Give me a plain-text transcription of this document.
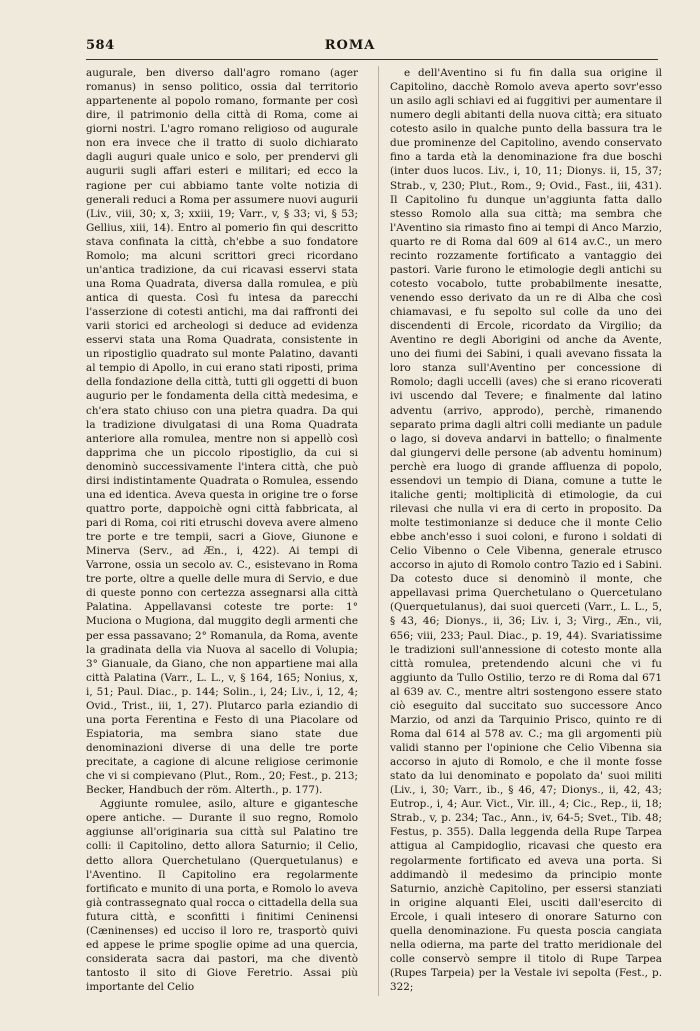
584	ROMA

augurale, ben diverso dall'agro romano (ager romanus) in senso politico, ossia dal territorio appartenente al popolo romano, formante per così dire, il patrimonio della città di Roma, come ai giorni nostri. L'agro romano religioso od augurale non era invece che il tratto di suolo dichiarato dagli auguri quale unico e solo, per prendervi gli augurii sugli affari esteri e militari; ed ecco la ragione per cui abbiamo tante volte notizia di generali reduci a Roma per assumere nuovi augurii (Liv., viii, 30; x, 3; xxiii, 19; Varr., v, § 33; vi, § 53; Gellius, xiii, 14). Entro al pomerio fin qui descritto stava confinata la città, ch'ebbe a suo fondatore Romolo; ma alcuni scrittori greci ricordano un'antica tradizione, da cui ricavasi esservi stata una Roma Quadrata, diversa dalla romulea, e più antica di questa. Così fu intesa da parecchi l'asserzione di cotesti antichi, ma dai raffronti dei varii storici ed archeologi si deduce ad evidenza esservi stata una Roma Quadrata, consistente in un ripostiglio quadrato sul monte Palatino, davanti al tempio di Apollo, in cui erano stati riposti, prima della fondazione della città, tutti gli oggetti di buon augurio per le fondamenta della città medesima, e ch'era stato chiuso con una pietra quadra. Da qui la tradizione divulgatasi di una Roma Quadrata anteriore alla romulea, mentre non si appellò così dapprima che un piccolo ripostiglio, da cui si denominò successivamente l'intera città, che può dirsi indistintamente Quadrata o Romulea, essendo una ed identica. Aveva questa in origine tre o forse quattro porte, dappoichè ogni città fabbricata, al pari di Roma, coi riti etruschi doveva avere almeno tre porte e tre tempii, sacri a Giove, Giunone e Minerva (Serv., ad Æn., i, 422). Ai tempi di Varrone, ossia un secolo av. C., esistevano in Roma tre porte, oltre a quelle delle mura di Servio, e due di queste ponno con certezza assegnarsi alla città Palatina. Appellavansi coteste tre porte: 1° Muciona o Mugiona, dal muggito degli armenti che per essa passavano; 2° Romanula, da Roma, avente la gradinata della via Nuova al sacello di Volupia; 3° Gianuale, da Giano, che non appartiene mai alla città Palatina (Varr., L. L., v, § 164, 165; Nonius, x, i, 51; Paul. Diac., p. 144; Solin., i, 24; Liv., i, 12, 4; Ovid., Trist., iii, 1, 27). Plutarco parla eziandio di una porta Ferentina e Festo di una Piacolare od Espiatoria, ma sembra siano state due denominazioni diverse di una delle tre porte precitate, a cagione di alcune religiose cerimonie che vi si compievano (Plut., Rom., 20; Fest., p. 213; Becker, Handbuch der röm. Alterth., p. 177).

Aggiunte romulee, asilo, alture e gigantesche opere antiche. — Durante il suo regno, Romolo aggiunse all'originaria sua città sul Palatino tre colli: il Capitolino, detto allora Saturnio; il Celio, detto allora Querchetulano (Querquetulanus) e l'Aventino. Il Capitolino era regolarmente fortificato e munito di una porta, e Romolo lo aveva già contrassegnato qual rocca o cittadella della sua futura città, e sconfitti i finitimi Ceninensi (Cæninenses) ed ucciso il loro re, trasportò quivi ed appese le prime spoglie opime ad una quercia, considerata sacra dai pastori, ma che diventò tantosto il sito di Giove Feretrio. Assai più importante del Celio

e dell'Aventino si fu fin dalla sua origine il Capitolino, dacchè Romolo aveva aperto sovr'esso un asilo agli schiavi ed ai fuggitivi per aumentare il numero degli abitanti della nuova città; era situato cotesto asilo in qualche punto della bassura tra le due prominenze del Capitolino, avendo conservato fino a tarda età la denominazione fra due boschi (inter duos lucos. Liv., i, 10, 11; Dionys. ii, 15, 37; Strab., v, 230; Plut., Rom., 9; Ovid., Fast., iii, 431). Il Capitolino fu dunque un'aggiunta fatta dallo stesso Romolo alla sua città; ma sembra che l'Aventino sia rimasto fino ai tempi di Anco Marzio, quarto re di Roma dal 609 al 614 av.C., un mero recinto rozzamente fortificato a vantaggio dei pastori. Varie furono le etimologie degli antichi su cotesto vocabolo, tutte probabilmente inesatte, venendo esso derivato da un re di Alba che così chiamavasi, e fu sepolto sul colle da uno dei discendenti di Ercole, ricordato da Virgilio; da Aventino re degli Aborigini od anche da Avente, uno dei fiumi dei Sabini, i quali avevano fissata la loro stanza sull'Aventino per concessione di Romolo; dagli uccelli (aves) che si erano ricoverati ivi uscendo dal Tevere; e finalmente dal latino adventu (arrivo, approdo), perchè, rimanendo separato prima dagli altri colli mediante un padule o lago, si doveva andarvi in battello; o finalmente dal giungervi delle persone (ab adventu hominum) perchè era luogo di grande affluenza di popolo, essendovi un tempio di Diana, comune a tutte le italiche genti; moltiplicità di etimologie, da cui rilevasi che nulla vi era di certo in proposito. Da molte testimonianze si deduce che il monte Celio ebbe anch'esso i suoi coloni, e furono i soldati di Celio Vibenno o Cele Vibenna, generale etrusco accorso in ajuto di Romolo contro Tazio ed i Sabini. Da cotesto duce si denominò il monte, che appellavasi prima Querchetulano o Quercetulano (Querquetulanus), dai suoi querceti (Varr., L. L., 5, § 43, 46; Dionys., ii, 36; Liv. i, 3; Virg., Æn., vii, 656; viii, 233; Paul. Diac., p. 19, 44). Svariatissime le tradizioni sull'annessione di cotesto monte alla città romulea, pretendendo alcuni che vi fu aggiunto da Tullo Ostilio, terzo re di Roma dal 671 al 639 av. C., mentre altri sostengono essere stato ciò eseguito dal succitato suo successore Anco Marzio, od anzi da Tarquinio Prisco, quinto re di Roma dal 614 al 578 av. C.; ma gli argomenti più validi stanno per l'opinione che Celio Vibenna sia accorso in ajuto di Romolo, e che il monte fosse stato da lui denominato e popolato da' suoi militi (Liv., i, 30; Varr., ib., § 46, 47; Dionys., ii, 42, 43; Eutrop., i, 4; Aur. Vict., Vir. ill., 4; Cic., Rep., ii, 18; Strab., v, p. 234; Tac., Ann., iv, 64-5; Svet., Tib. 48; Festus, p. 355). Dalla leggenda della Rupe Tarpea attigua al Campidoglio, ricavasi che questo era regolarmente fortificato ed aveva una porta. Si addimandò il medesimo da principio monte Saturnio, anzichè Capitolino, per essersi stanziati in origine alquanti Elei, usciti dall'esercito di Ercole, i quali intesero di onorare Saturno con quella denominazione. Fu questa poscia cangiata nella odierna, ma parte del tratto meridionale del colle conservò sempre il titolo di Rupe Tarpea (Rupes Tarpeia) per la Vestale ivi sepolta (Fest., p. 322;
